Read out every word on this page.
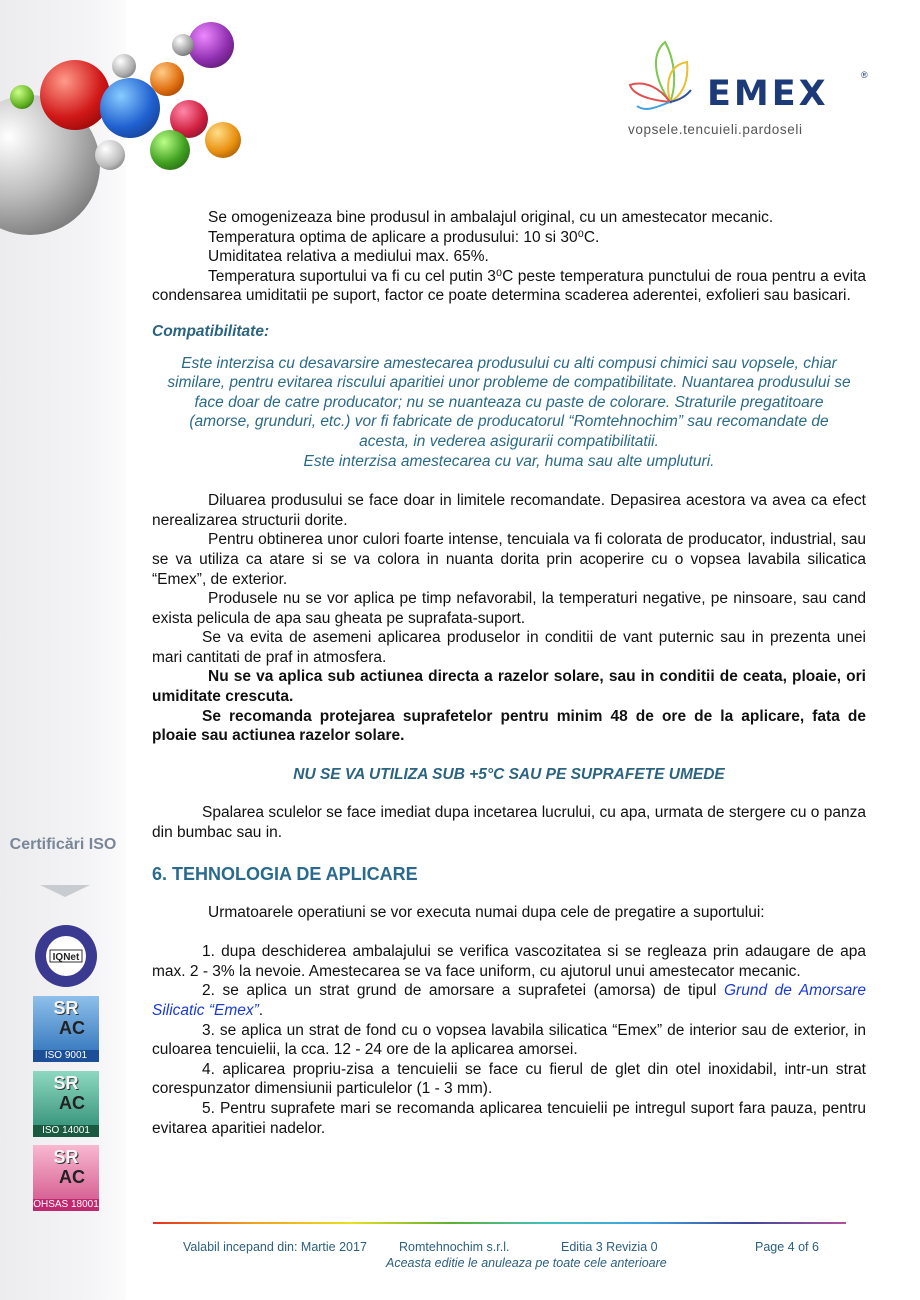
EMEX	®
vopsele.tencuieli.pardoseli

Se omogenizeaza bine produsul in ambalajul original, cu un amestecator mecanic.

Temperatura optima de aplicare a produsului: 10 si 30⁰C.

Umiditatea relativa a mediului max. 65%.

Temperatura suportului va fi cu cel putin 3⁰C peste temperatura punctului de roua pentru a evita condensarea umiditatii pe suport, factor ce poate determina scaderea aderentei, exfolieri sau basicari.

Compatibilitate:

Este interzisa cu desavarsire amestecarea produsului cu alti compusi chimici sau vopsele, chiar similare, pentru evitarea riscului aparitiei unor probleme de compatibilitate. Nuantarea produsului se face doar de catre producator; nu se nuanteaza cu paste de colorare. Straturile pregatitoare (amorse, grunduri, etc.) vor fi fabricate de producatorul “Romtehnochim” sau recomandate de acesta, in vederea asigurarii compatibilitatii.

Este interzisa amestecarea cu var, huma sau alte umpluturi.

Diluarea produsului se face doar in limitele recomandate. Depasirea acestora va avea ca efect nerealizarea structurii dorite.

Pentru obtinerea unor culori foarte intense, tencuiala va fi colorata de producator, industrial, sau se va utiliza ca atare si se va colora in nuanta dorita prin acoperire cu o vopsea lavabila silicatica “Emex”, de exterior.

Produsele nu se vor aplica pe timp nefavorabil, la temperaturi negative, pe ninsoare, sau cand exista pelicula de apa sau gheata pe suprafata-suport.

Se va evita de asemeni aplicarea produselor in conditii de vant puternic sau in prezenta unei mari cantitati de praf in atmosfera.

Nu se va aplica sub actiunea directa a razelor solare, sau in conditii de ceata, ploaie, ori umiditate crescuta.

Se recomanda protejarea suprafetelor pentru minim 48 de ore de la aplicare, fata de ploaie sau actiunea razelor solare.

NU SE VA UTILIZA SUB +5°C SAU PE SUPRAFETE UMEDE

Spalarea sculelor se face imediat dupa incetarea lucrului, cu apa, urmata de stergere cu o panza din bumbac sau in.

6. TEHNOLOGIA DE APLICARE

Urmatoarele operatiuni se vor executa numai dupa cele de pregatire a suportului:

1. dupa deschiderea ambalajului se verifica vascozitatea si se regleaza prin adaugare de apa max. 2 - 3% la nevoie. Amestecarea se va face uniform, cu ajutorul unui amestecator mecanic.

2. se aplica un strat grund de amorsare a suprafetei (amorsa) de tipul Grund de Amorsare Silicatic “Emex”.

3. se aplica un strat de fond cu o vopsea lavabila silicatica “Emex” de interior sau de exterior, in culoarea tencuielii, la cca. 12 - 24 ore de la aplicarea amorsei.

4. aplicarea propriu-zisa a tencuielii se face cu fierul de glet din otel inoxidabil, intr-un strat corespunzator dimensiunii particulelor (1 - 3 mm).

5. Pentru suprafete mari se recomanda aplicarea tencuielii pe intregul suport fara pauza, pentru evitarea aparitiei nadelor.

Certificări ISO
IQNet
SR
AC
ISO 9001
SR
AC
ISO 14001
SR
AC
OHSAS 18001
Valabil incepand din: Martie 2017	Romtehnochim s.r.l.	Editia 3 Revizia 0	Page 4 of 6
Aceasta editie le anuleaza pe toate cele anterioare
